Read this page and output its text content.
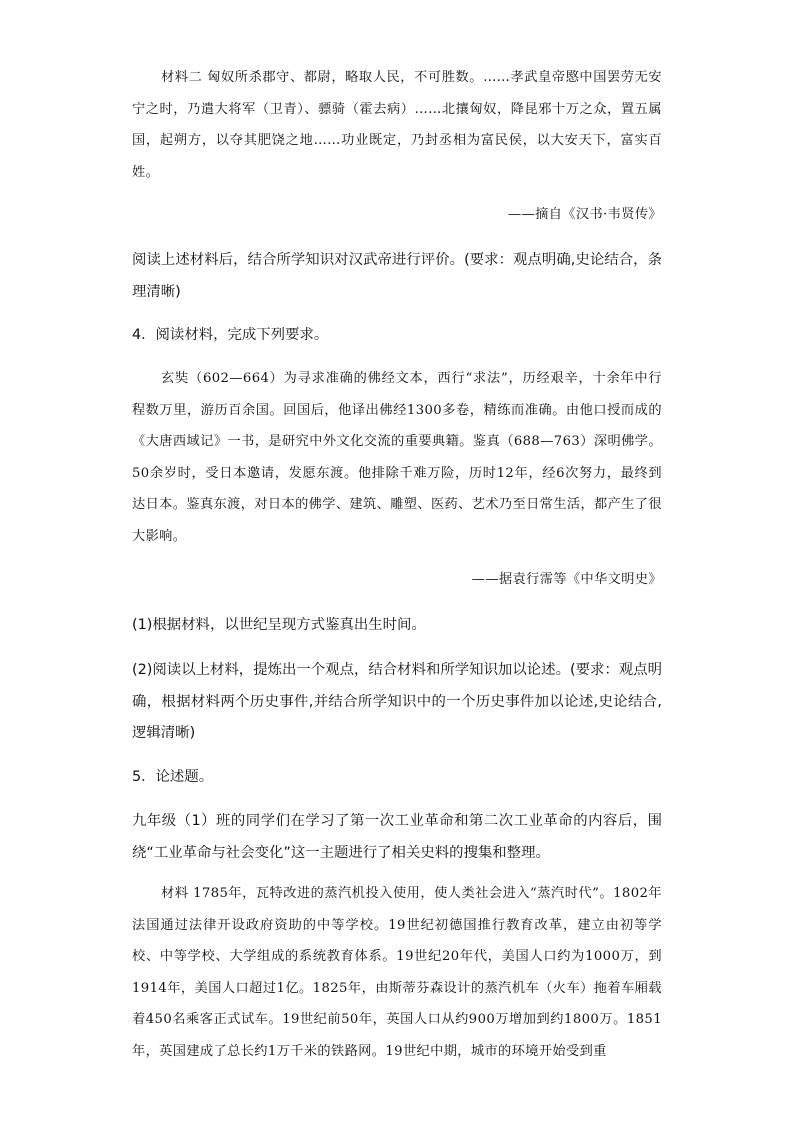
材料二 匈奴所杀郡守、都尉，略取人民，不可胜数。……孝武皇帝愍中国罢劳无安宁之时，乃遣大将军（卫青）、骠骑（霍去病）……北攘匈奴，降昆邪十万之众，置五属国，起朔方，以夺其肥饶之地……功业既定，乃封丞相为富民侯，以大安天下，富实百姓。

——摘自《汉书·韦贤传》

阅读上述材料后，结合所学知识对汉武帝进行评价。(要求：观点明确,史论结合，条理清晰)

4．阅读材料，完成下列要求。

玄奘（602—664）为寻求准确的佛经文本，西行“求法”，历经艰辛，十余年中行程数万里，游历百余国。回国后，他译出佛经1300多卷，精练而准确。由他口授而成的《大唐西域记》一书，是研究中外文化交流的重要典籍。鉴真（688—763）深明佛学。50余岁时，受日本邀请，发愿东渡。他排除千难万险，历时12年，经6次努力，最终到达日本。鉴真东渡，对日本的佛学、建筑、雕塑、医药、艺术乃至日常生活，都产生了很大影响。

——据袁行霈等《中华文明史》

(1)根据材料，以世纪呈现方式鉴真出生时间。

(2)阅读以上材料，提炼出一个观点，结合材料和所学知识加以论述。(要求：观点明确，根据材料两个历史事件,并结合所学知识中的一个历史事件加以论述,史论结合,逻辑清晰)

5．论述题。

九年级（1）班的同学们在学习了第一次工业革命和第二次工业革命的内容后，围绕“工业革命与社会变化”这一主题进行了相关史料的搜集和整理。

材料 1785年，瓦特改进的蒸汽机投入使用，使人类社会进入“蒸汽时代”。1802年法国通过法律开设政府资助的中等学校。19世纪初德国推行教育改革，建立由初等学校、中等学校、大学组成的系统教育体系。19世纪20年代，美国人口约为1000万，到1914年，美国人口超过1亿。1825年，由斯蒂芬森设计的蒸汽机车（火车）拖着车厢载着450名乘客正式试车。19世纪前50年，英国人口从约900万增加到约1800万。1851年，英国建成了总长约1万千米的铁路网。19世纪中期，城市的环境开始受到重
